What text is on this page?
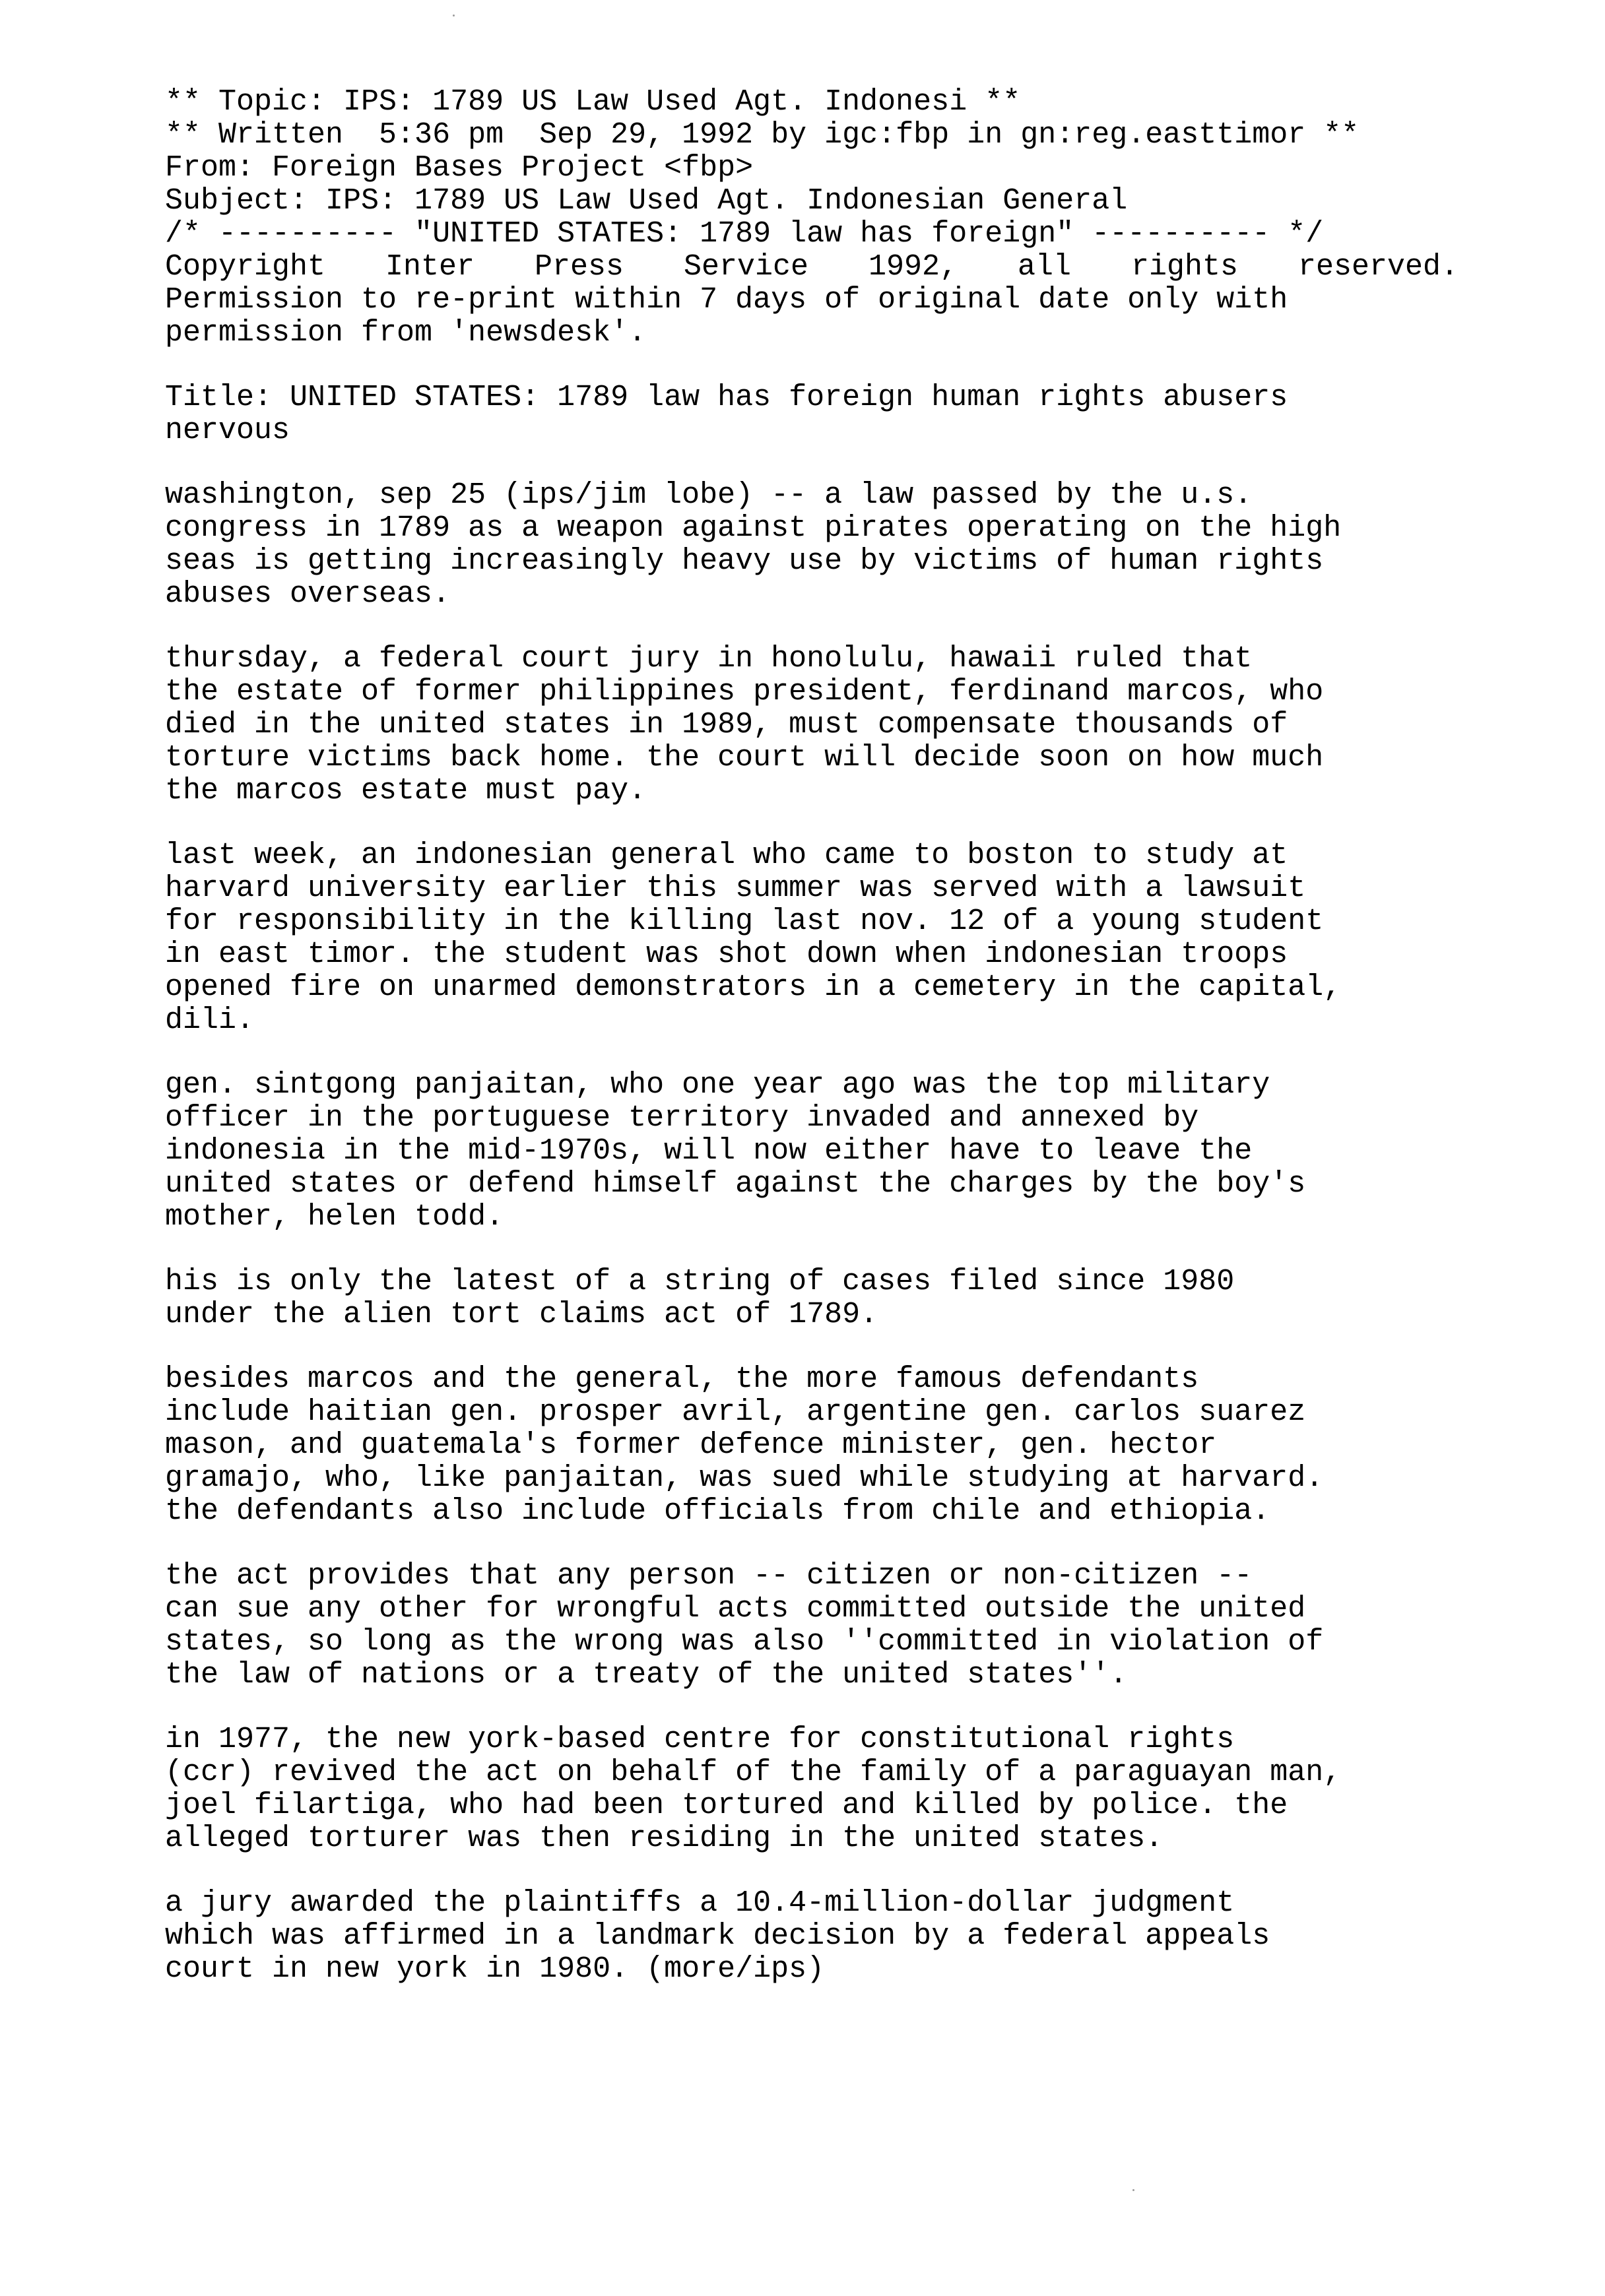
** Topic: IPS: 1789 US Law Used Agt. Indonesi **
** Written  5:36 pm  Sep 29, 1992 by igc:fbp in gn:reg.easttimor **
From: Foreign Bases Project <fbp>
Subject: IPS: 1789 US Law Used Agt. Indonesian General
/* ---------- "UNITED STATES: 1789 law has foreign" ---------- */
Copyright Inter Press Service 1992, all rights reserved.
Permission to re-print within 7 days of original date only with
permission from 'newsdesk'.
Title: UNITED STATES: 1789 law has foreign human rights abusers
nervous
washington, sep 25 (ips/jim lobe) -- a law passed by the u.s.
congress in 1789 as a weapon against pirates operating on the high
seas is getting increasingly heavy use by victims of human rights
abuses overseas.
thursday, a federal court jury in honolulu, hawaii ruled that
the estate of former philippines president, ferdinand marcos, who
died in the united states in 1989, must compensate thousands of
torture victims back home. the court will decide soon on how much
the marcos estate must pay.
last week, an indonesian general who came to boston to study at
harvard university earlier this summer was served with a lawsuit
for responsibility in the killing last nov. 12 of a young student
in east timor. the student was shot down when indonesian troops
opened fire on unarmed demonstrators in a cemetery in the capital,
dili.
gen. sintgong panjaitan, who one year ago was the top military
officer in the portuguese territory invaded and annexed by
indonesia in the mid-1970s, will now either have to leave the
united states or defend himself against the charges by the boy's
mother, helen todd.
his is only the latest of a string of cases filed since 1980
under the alien tort claims act of 1789.
besides marcos and the general, the more famous defendants
include haitian gen. prosper avril, argentine gen. carlos suarez
mason, and guatemala's former defence minister, gen. hector
gramajo, who, like panjaitan, was sued while studying at harvard.
the defendants also include officials from chile and ethiopia.
the act provides that any person -- citizen or non-citizen --
can sue any other for wrongful acts committed outside the united
states, so long as the wrong was also ''committed in violation of
the law of nations or a treaty of the united states''.
in 1977, the new york-based centre for constitutional rights
(ccr) revived the act on behalf of the family of a paraguayan man,
joel filartiga, who had been tortured and killed by police. the
alleged torturer was then residing in the united states.
a jury awarded the plaintiffs a 10.4-million-dollar judgment
which was affirmed in a landmark decision by a federal appeals
court in new york in 1980. (more/ips)
